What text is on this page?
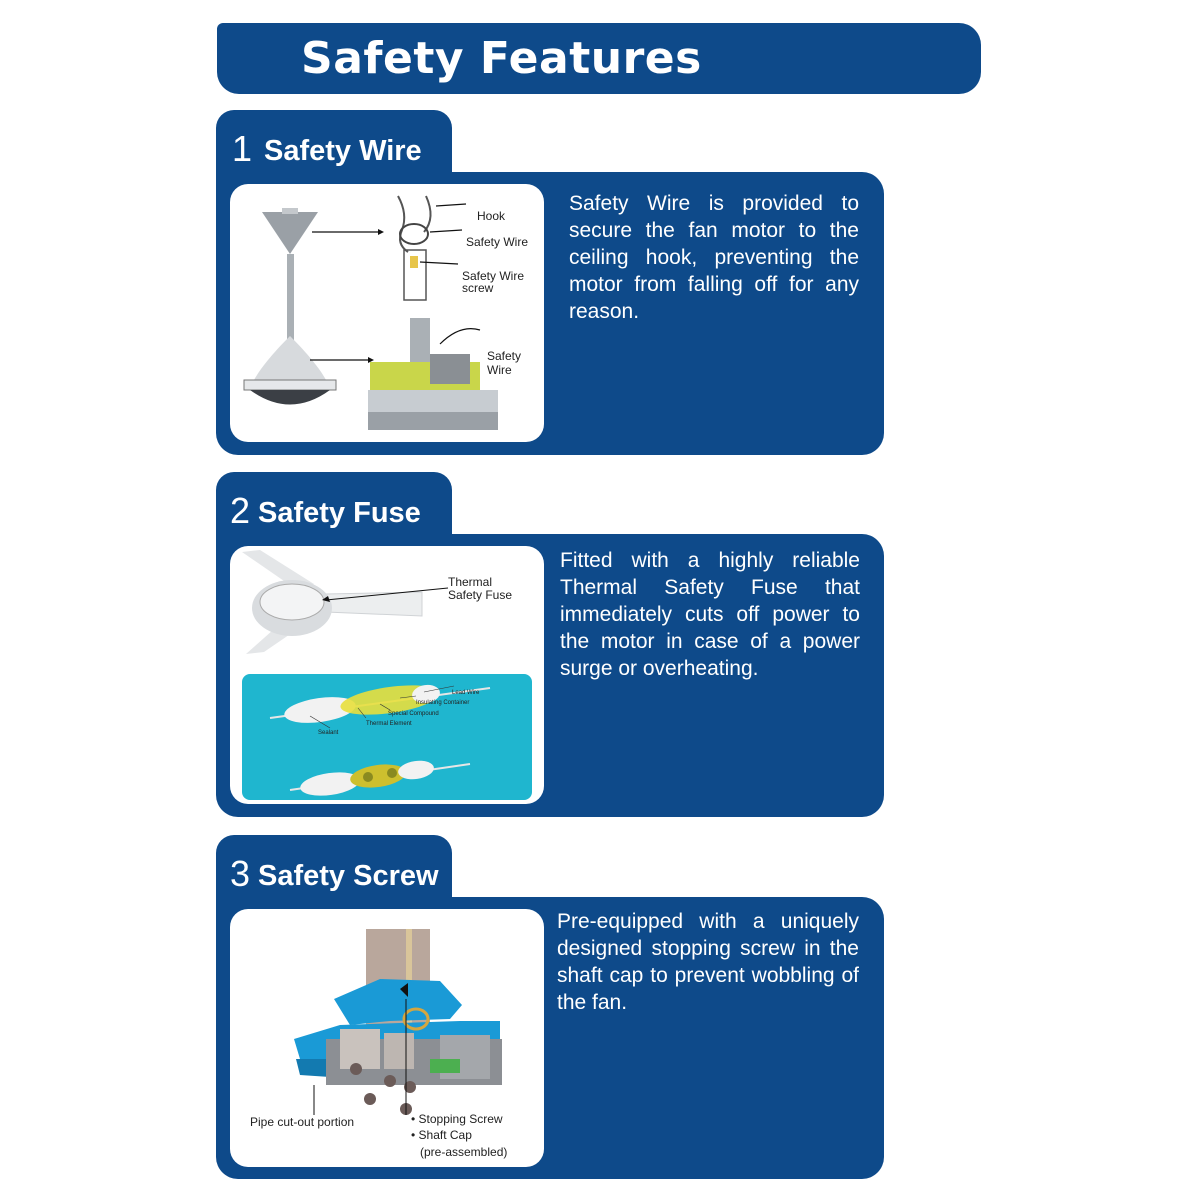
Safety Features
1 Safety Wire
Hook
Safety Wire
Safety Wire
screw
Safety
Wire
Safety Wire is provided to secure the fan motor to the ceiling hook, preventing the motor from falling off for any reason.
2 Safety Fuse
Thermal
Safety Fuse
Lead Wire
Insulating Container
Special Compound
Thermal Element
Sealant
Fitted with a highly reliable Thermal Safety Fuse that immediately cuts off power to the motor in case of a power surge or overheating.
3 Safety Screw
Pipe cut-out portion	• Stopping Screw
• Shaft Cap
(pre-assembled)
Pre-equipped with a uniquely designed stopping screw in the shaft cap to prevent wobbling of the fan.
